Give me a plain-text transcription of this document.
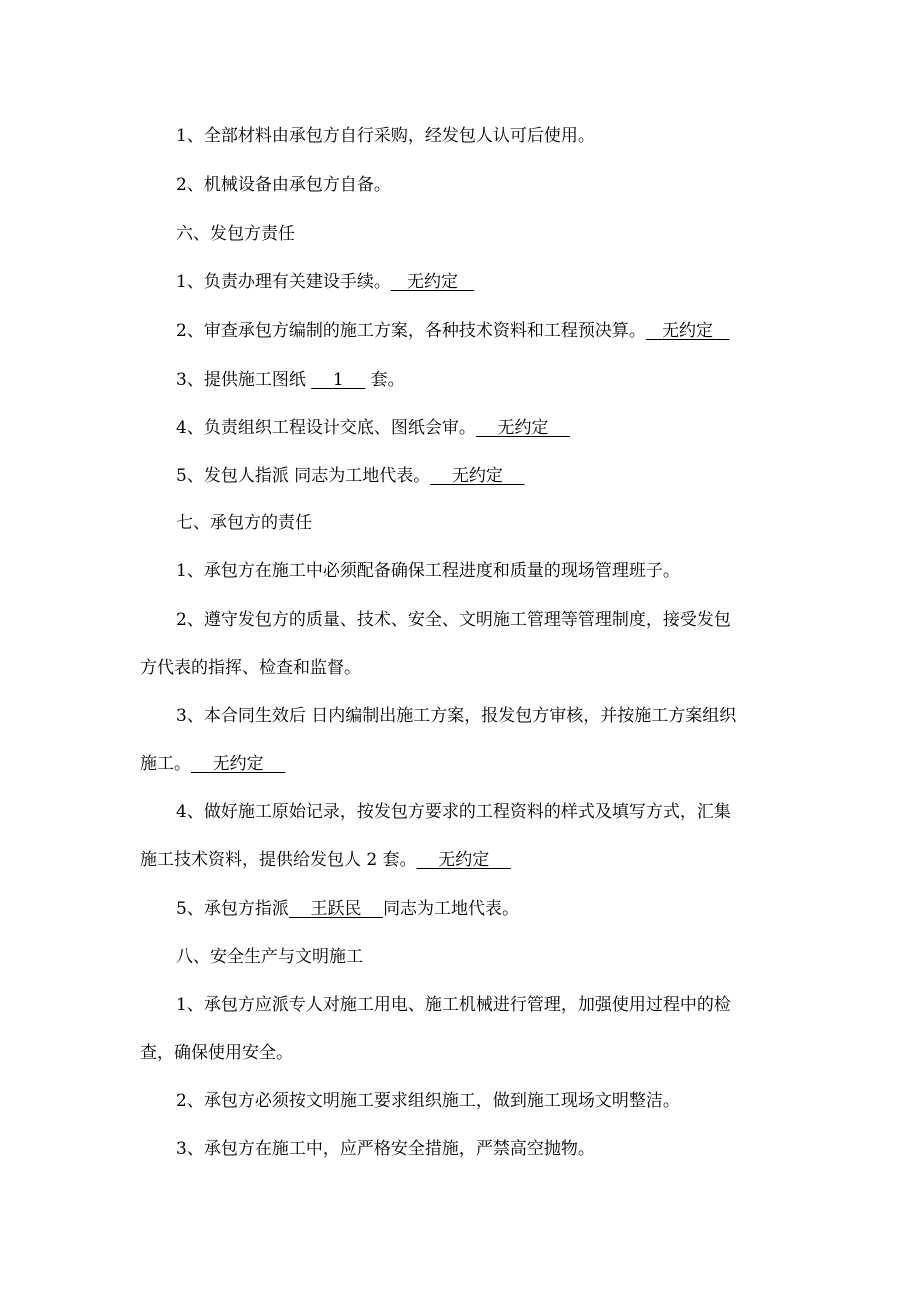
1、全部材料由承包方自行采购，经发包人认可后使用。
2、机械设备由承包方自备。
六、发包方责任
1、负责办理有关建设手续。   无约定
2、审查承包方编制的施工方案，各种技术资料和工程预决算。   无约定
3、提供施工图纸     1     套。
4、负责组织工程设计交底、图纸会审。    无约定
5、发包人指派 同志为工地代表。    无约定
七、承包方的责任
1、承包方在施工中必须配备确保工程进度和质量的现场管理班子。
2、遵守发包方的质量、技术、安全、文明施工管理等管理制度，接受发包
方代表的指挥、检查和监督。
3、本合同生效后 日内编制出施工方案，报发包方审核，并按施工方案组织
施工。    无约定
4、做好施工原始记录，按发包方要求的工程资料的样式及填写方式，汇集
施工技术资料，提供给发包人 2 套。    无约定
5、承包方指派    王跃民    同志为工地代表。
八、安全生产与文明施工
1、承包方应派专人对施工用电、施工机械进行管理，加强使用过程中的检
查，确保使用安全。
2、承包方必须按文明施工要求组织施工，做到施工现场文明整洁。
3、承包方在施工中，应严格安全措施，严禁高空抛物。
